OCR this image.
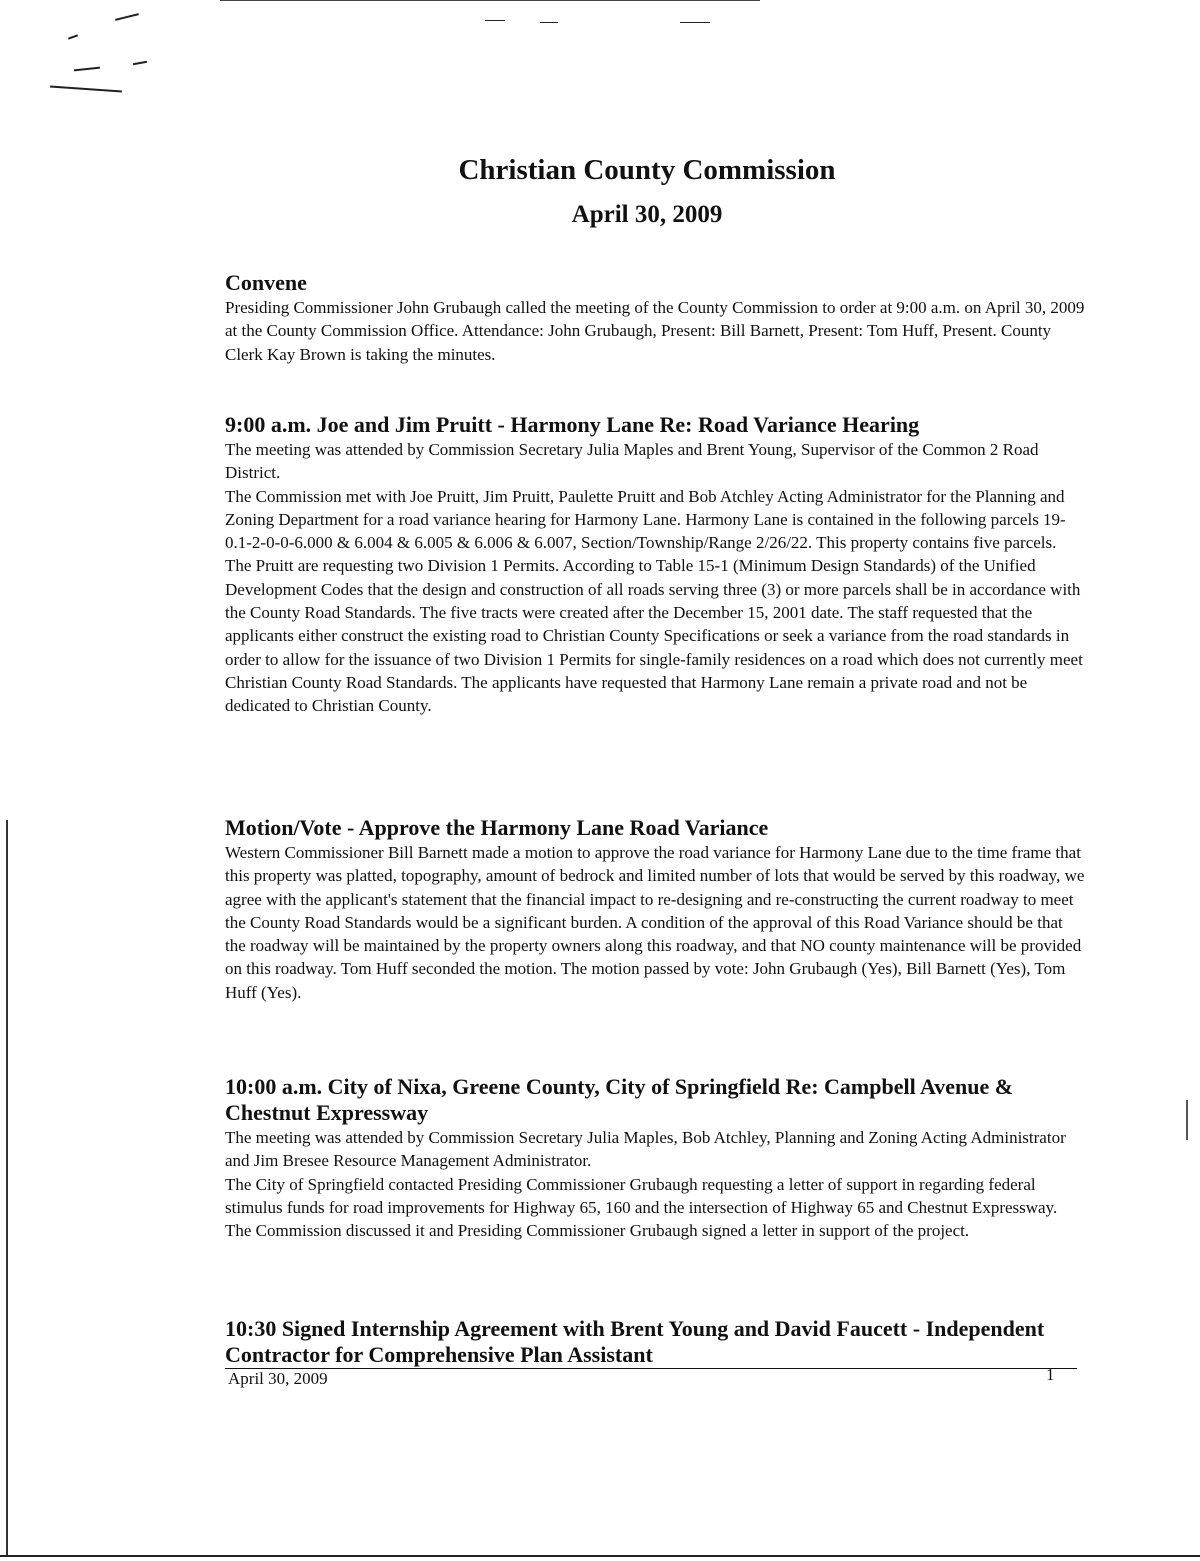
Christian County Commission
April 30, 2009
Convene

Presiding Commissioner John Grubaugh called the meeting of the County Commission to order at 9:00 a.m. on April 30, 2009 at the County Commission Office. Attendance: John Grubaugh, Present: Bill Barnett, Present: Tom Huff, Present. County Clerk Kay Brown is taking the minutes.

9:00 a.m. Joe and Jim Pruitt - Harmony Lane Re: Road Variance Hearing

The meeting was attended by Commission Secretary Julia Maples and Brent Young, Supervisor of the Common 2 Road District.

The Commission met with Joe Pruitt, Jim Pruitt, Paulette Pruitt and Bob Atchley Acting Administrator for the Planning and Zoning Department for a road variance hearing for Harmony Lane. Harmony Lane is contained in the following parcels 19-0.1-2-0-0-6.000 & 6.004 & 6.005 & 6.006 & 6.007, Section/Township/Range 2/26/22. This property contains five parcels. The Pruitt are requesting two Division 1 Permits. According to Table 15-1 (Minimum Design Standards) of the Unified Development Codes that the design and construction of all roads serving three (3) or more parcels shall be in accordance with the County Road Standards. The five tracts were created after the December 15, 2001 date. The staff requested that the applicants either construct the existing road to Christian County Specifications or seek a variance from the road standards in order to allow for the issuance of two Division 1 Permits for single-family residences on a road which does not currently meet Christian County Road Standards. The applicants have requested that Harmony Lane remain a private road and not be dedicated to Christian County.

Motion/Vote - Approve the Harmony Lane Road Variance

Western Commissioner Bill Barnett made a motion to approve the road variance for Harmony Lane due to the time frame that this property was platted, topography, amount of bedrock and limited number of lots that would be served by this roadway, we agree with the applicant's statement that the financial impact to re-designing and re-constructing the current roadway to meet the County Road Standards would be a significant burden. A condition of the approval of this Road Variance should be that the roadway will be maintained by the property owners along this roadway, and that NO county maintenance will be provided on this roadway. Tom Huff seconded the motion. The motion passed by vote: John Grubaugh (Yes), Bill Barnett (Yes), Tom Huff (Yes).

10:00 a.m. City of Nixa, Greene County, City of Springfield Re: Campbell Avenue & Chestnut Expressway

The meeting was attended by Commission Secretary Julia Maples, Bob Atchley, Planning and Zoning Acting Administrator and Jim Bresee Resource Management Administrator.

The City of Springfield contacted Presiding Commissioner Grubaugh requesting a letter of support in regarding federal stimulus funds for road improvements for Highway 65, 160 and the intersection of Highway 65 and Chestnut Expressway. The Commission discussed it and Presiding Commissioner Grubaugh signed a letter in support of the project.

10:30 Signed Internship Agreement with Brent Young and David Faucett - Independent Contractor for Comprehensive Plan Assistant
April 30, 2009	1
